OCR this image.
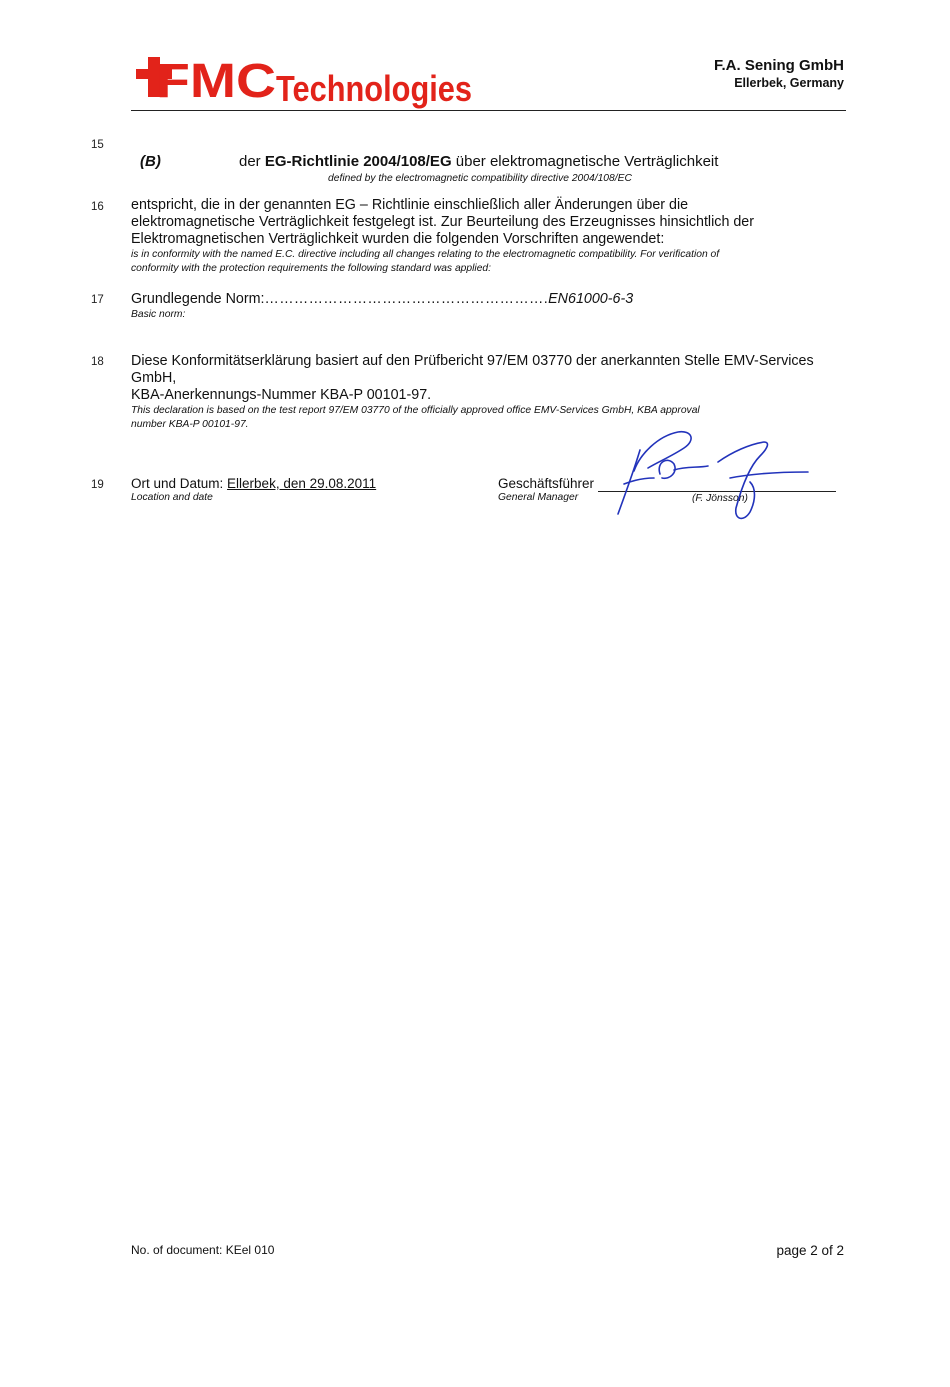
FMC Technologies
F.A. Sening GmbH
Ellerbek, Germany
15
(B)	der EG-Richtlinie 2004/108/EG über elektromagnetische Verträglichkeit
defined by the electromagnetic compatibility directive 2004/108/EC
16 entspricht, die in der genannten EG – Richtlinie einschließlich aller Änderungen über die
elektromagnetische Verträglichkeit festgelegt ist. Zur Beurteilung des Erzeugnisses hinsichtlich der
Elektromagnetischen Verträglichkeit wurden die folgenden Vorschriften angewendet:
is in conformity with the named E.C. directive including all changes relating to the electromagnetic compatibility. For verification of
conformity with the protection requirements the following standard was applied:
17 Grundlegende Norm:………………………………………………….EN61000-6-3
Basic norm:
18 Diese Konformitätserklärung basiert auf den Prüfbericht 97/EM 03770 der anerkannten Stelle EMV-Services GmbH,
KBA-Anerkennungs-Nummer KBA-P 00101-97.
This declaration is based on the test report 97/EM 03770 of the officially approved office EMV-Services GmbH, KBA approval
number KBA-P 00101-97.
19 Ort und Datum: Ellerbek, den 29.08.2011
Location and date
Geschäftsführer
General Manager	(F. Jönsson)
No. of document: KEel 010	page 2 of 2
